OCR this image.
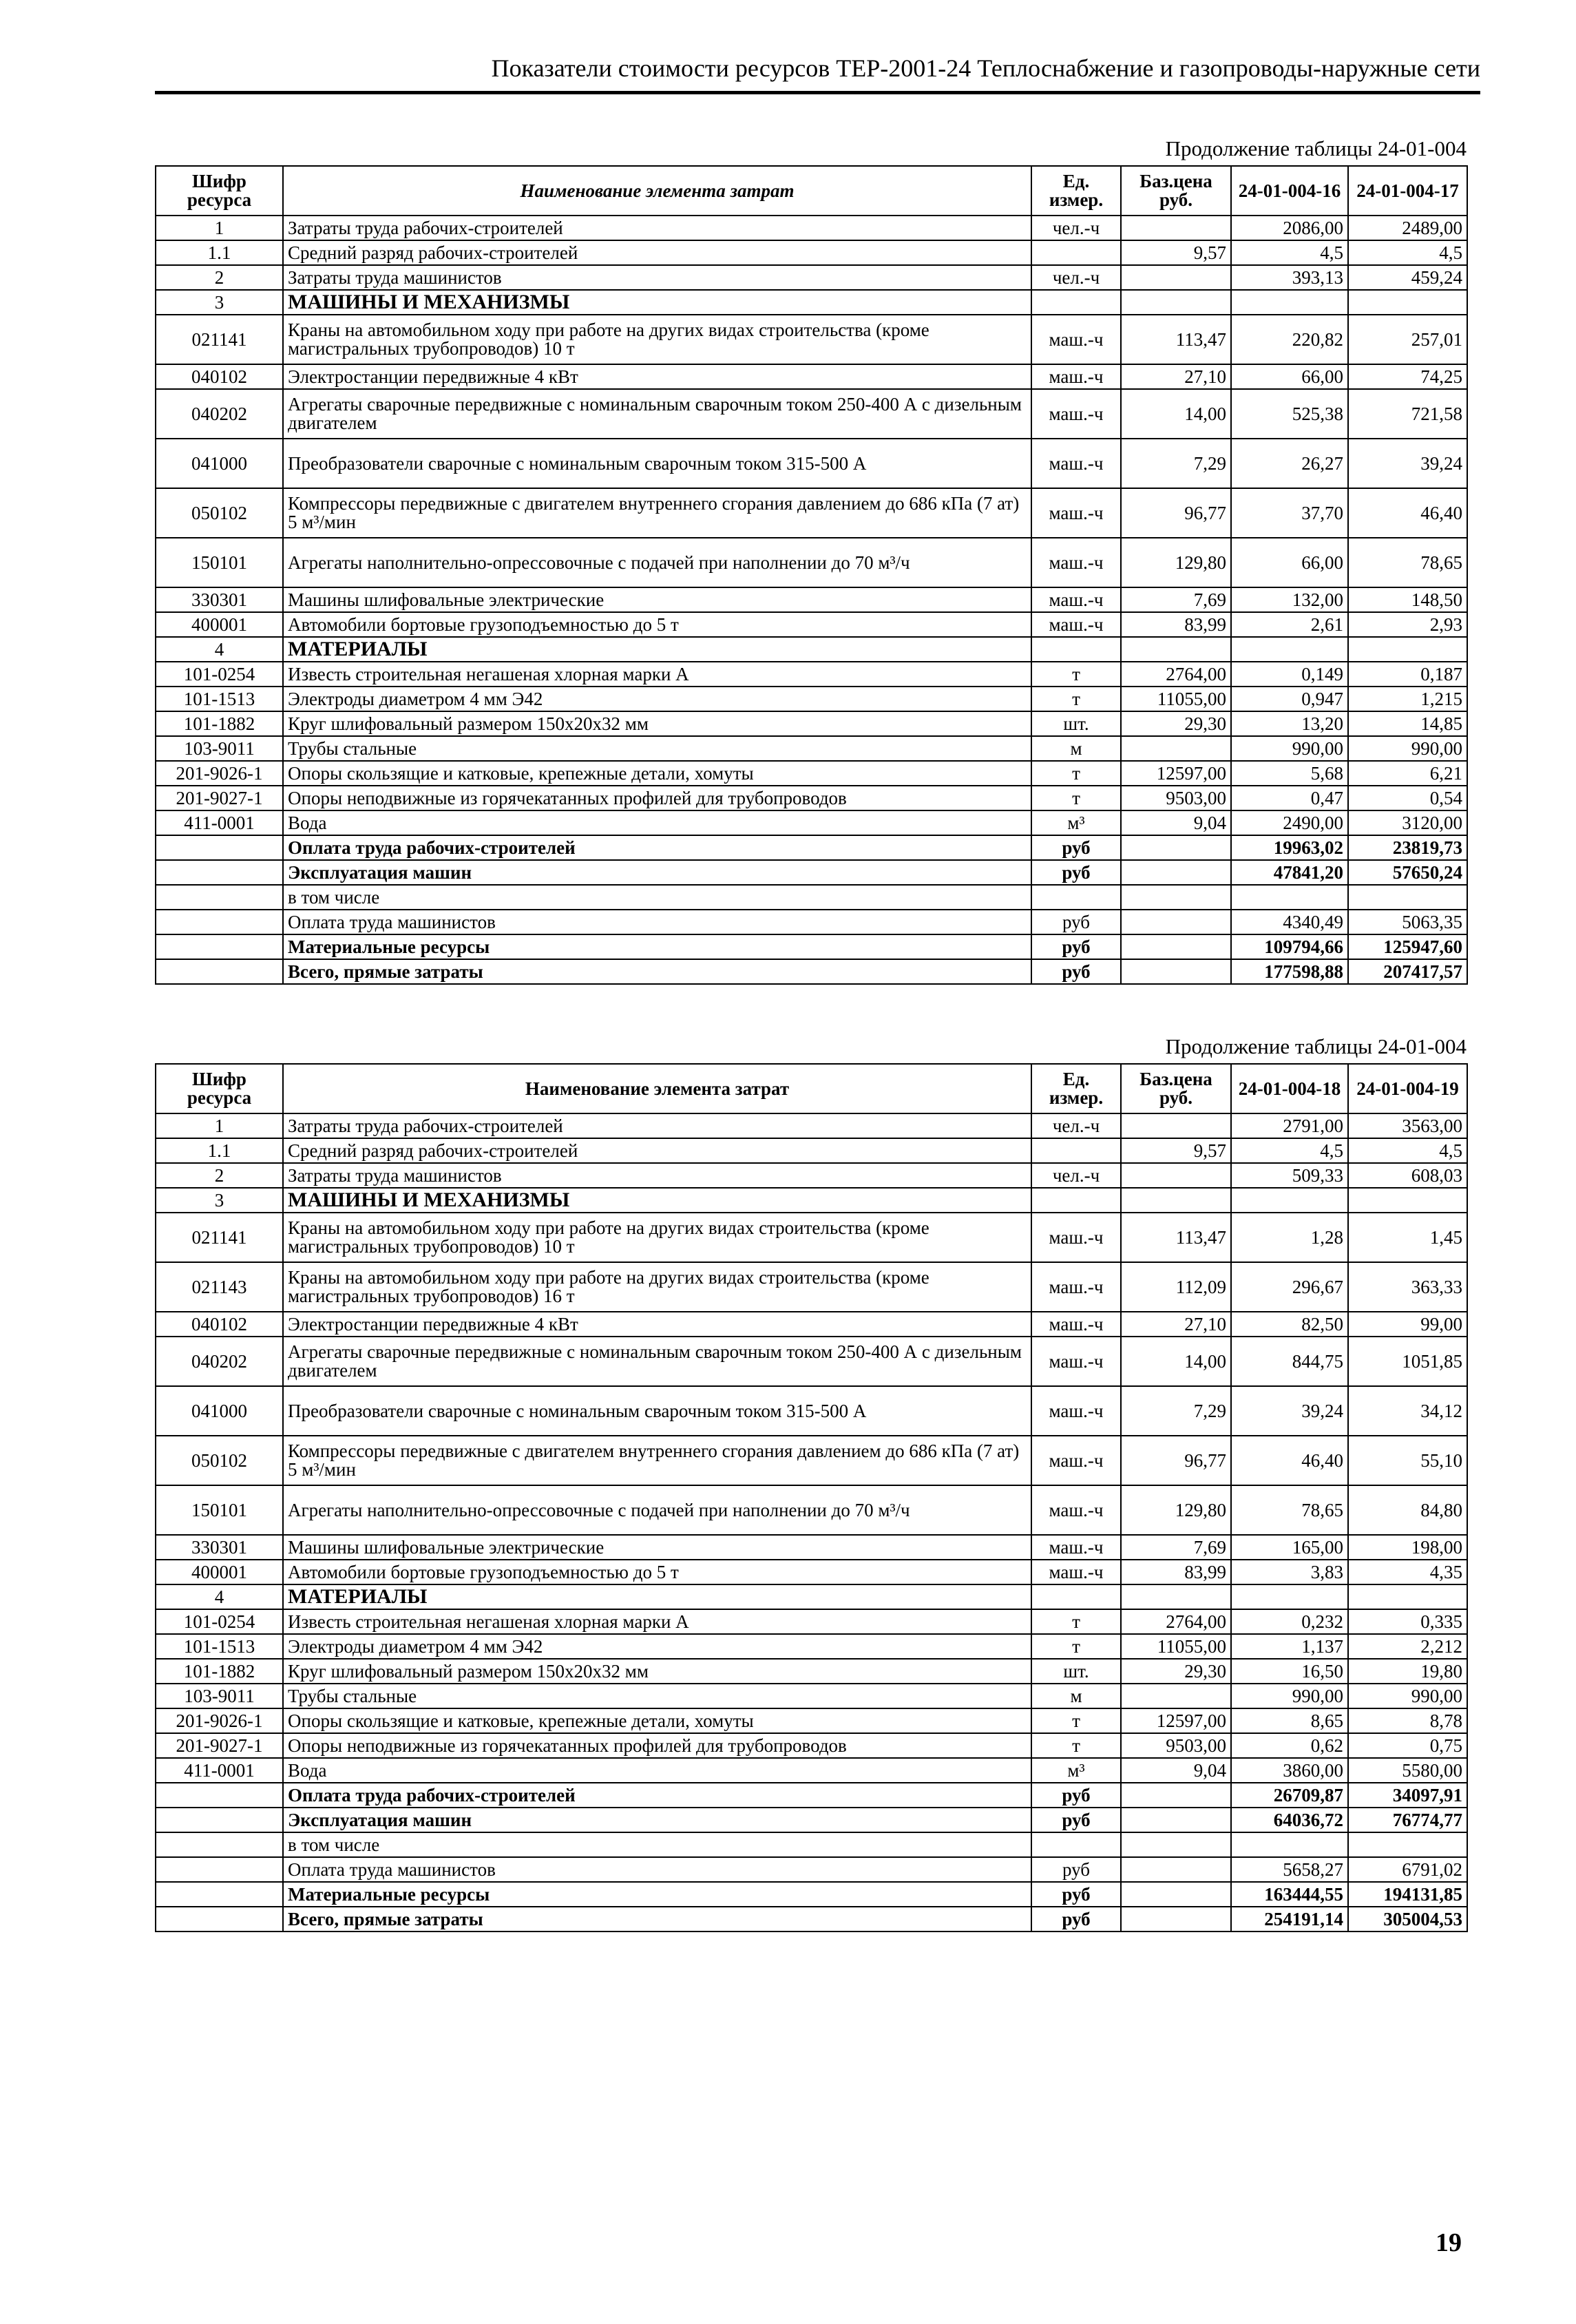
Показатели стоимости ресурсов ТЕР-2001-24 Теплоснабжение и газопроводы-наружные сети
Продолжение таблицы 24-01-004
Шифр ресурса	Наименование элемента затрат	Ед. измер.	Баз.цена руб.	24-01-004-16	24-01-004-17
1	Затраты труда рабочих-строителей	чел.-ч		2086,00	2489,00
1.1	Средний разряд рабочих-строителей		9,57	4,5	4,5
2	Затраты труда машинистов	чел.-ч		393,13	459,24
3	МАШИНЫ И МЕХАНИЗМЫ				
021141	Краны на автомобильном ходу при работе на других видах строительства (кроме магистральных трубопроводов) 10 т	маш.-ч	113,47	220,82	257,01
040102	Электростанции передвижные 4 кВт	маш.-ч	27,10	66,00	74,25
040202	Агрегаты сварочные передвижные с номинальным сварочным током 250-400 А с дизельным двигателем	маш.-ч	14,00	525,38	721,58
041000	Преобразователи сварочные с номинальным сварочным током 315-500 А	маш.-ч	7,29	26,27	39,24
050102	Компрессоры передвижные с двигателем внутреннего сгорания давлением до 686 кПа (7 ат) 5 м³/мин	маш.-ч	96,77	37,70	46,40
150101	Агрегаты наполнительно-опрессовочные с подачей при наполнении до 70 м³/ч	маш.-ч	129,80	66,00	78,65
330301	Машины шлифовальные электрические	маш.-ч	7,69	132,00	148,50
400001	Автомобили бортовые грузоподъемностью до 5 т	маш.-ч	83,99	2,61	2,93
4	МАТЕРИАЛЫ				
101-0254	Известь строительная негашеная хлорная марки А	т	2764,00	0,149	0,187
101-1513	Электроды диаметром 4 мм Э42	т	11055,00	0,947	1,215
101-1882	Круг шлифовальный размером 150х20х32 мм	шт.	29,30	13,20	14,85
103-9011	Трубы стальные	м		990,00	990,00
201-9026-1	Опоры скользящие и катковые, крепежные детали, хомуты	т	12597,00	5,68	6,21
201-9027-1	Опоры неподвижные из горячекатанных профилей для трубопроводов	т	9503,00	0,47	0,54
411-0001	Вода	м³	9,04	2490,00	3120,00
	Оплата труда рабочих-строителей	руб		19963,02	23819,73
	Эксплуатация машин	руб		47841,20	57650,24
	в том числе				
	Оплата труда машинистов	руб		4340,49	5063,35
	Материальные ресурсы	руб		109794,66	125947,60
	Всего, прямые затраты	руб		177598,88	207417,57
Продолжение таблицы 24-01-004
Шифр ресурса	Наименование элемента затрат	Ед. измер.	Баз.цена руб.	24-01-004-18	24-01-004-19
1	Затраты труда рабочих-строителей	чел.-ч		2791,00	3563,00
1.1	Средний разряд рабочих-строителей		9,57	4,5	4,5
2	Затраты труда машинистов	чел.-ч		509,33	608,03
3	МАШИНЫ И МЕХАНИЗМЫ				
021141	Краны на автомобильном ходу при работе на других видах строительства (кроме магистральных трубопроводов) 10 т	маш.-ч	113,47	1,28	1,45
021143	Краны на автомобильном ходу при работе на других видах строительства (кроме магистральных трубопроводов) 16 т	маш.-ч	112,09	296,67	363,33
040102	Электростанции передвижные 4 кВт	маш.-ч	27,10	82,50	99,00
040202	Агрегаты сварочные передвижные с номинальным сварочным током 250-400 А с дизельным двигателем	маш.-ч	14,00	844,75	1051,85
041000	Преобразователи сварочные с номинальным сварочным током 315-500 А	маш.-ч	7,29	39,24	34,12
050102	Компрессоры передвижные с двигателем внутреннего сгорания давлением до 686 кПа (7 ат) 5 м³/мин	маш.-ч	96,77	46,40	55,10
150101	Агрегаты наполнительно-опрессовочные с подачей при наполнении до 70 м³/ч	маш.-ч	129,80	78,65	84,80
330301	Машины шлифовальные электрические	маш.-ч	7,69	165,00	198,00
400001	Автомобили бортовые грузоподъемностью до 5 т	маш.-ч	83,99	3,83	4,35
4	МАТЕРИАЛЫ				
101-0254	Известь строительная негашеная хлорная марки А	т	2764,00	0,232	0,335
101-1513	Электроды диаметром 4 мм Э42	т	11055,00	1,137	2,212
101-1882	Круг шлифовальный размером 150х20х32 мм	шт.	29,30	16,50	19,80
103-9011	Трубы стальные	м		990,00	990,00
201-9026-1	Опоры скользящие и катковые, крепежные детали, хомуты	т	12597,00	8,65	8,78
201-9027-1	Опоры неподвижные из горячекатанных профилей для трубопроводов	т	9503,00	0,62	0,75
411-0001	Вода	м³	9,04	3860,00	5580,00
	Оплата труда рабочих-строителей	руб		26709,87	34097,91
	Эксплуатация машин	руб		64036,72	76774,77
	в том числе				
	Оплата труда машинистов	руб		5658,27	6791,02
	Материальные ресурсы	руб		163444,55	194131,85
	Всего, прямые затраты	руб		254191,14	305004,53
19
